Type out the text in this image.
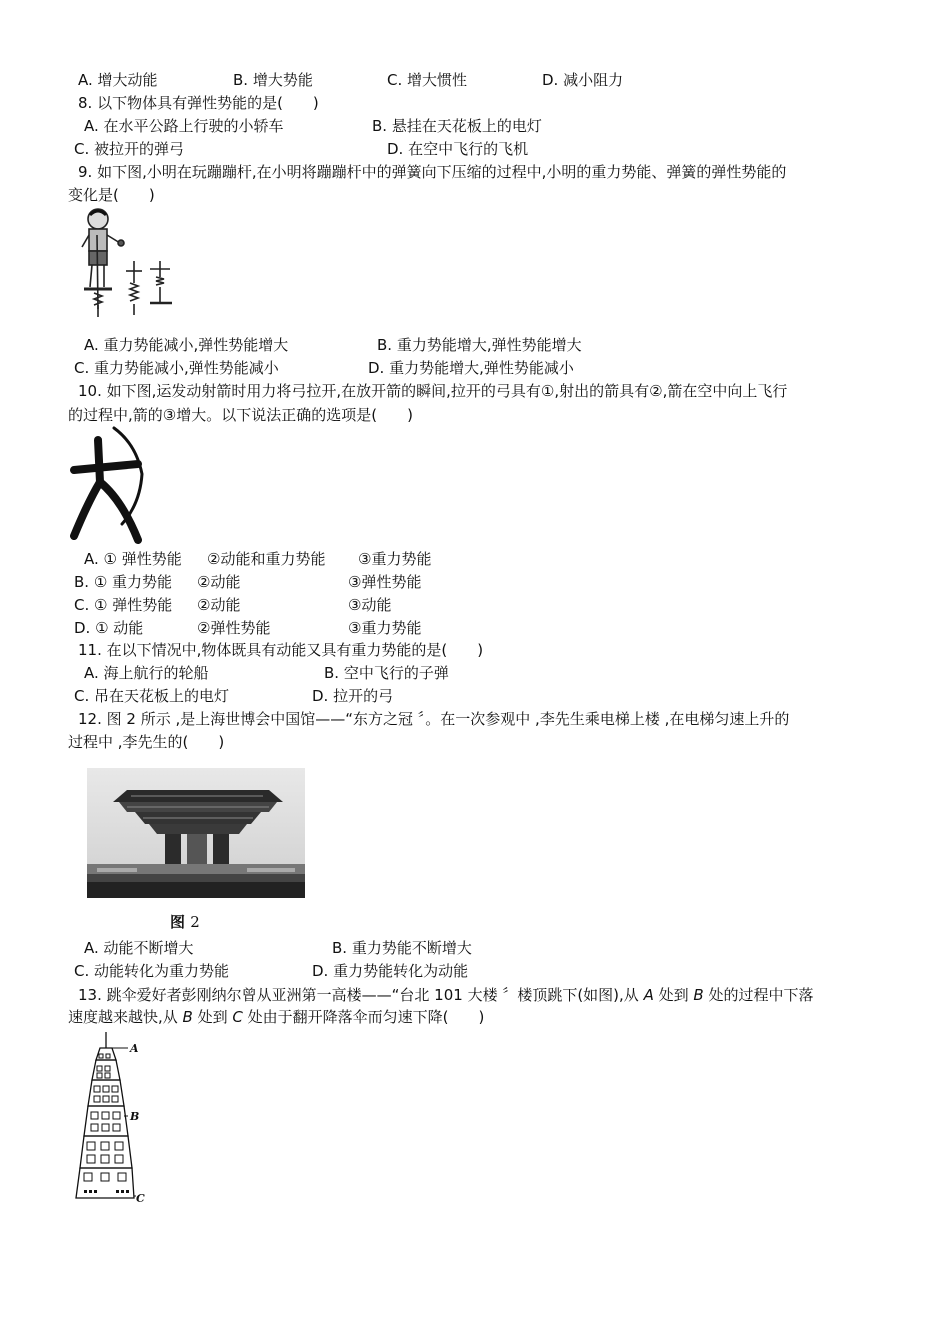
A. 增大动能	B. 增大势能	C. 增大惯性	D. 减小阻力
8. 以下物体具有弹性势能的是(　　)
A. 在水平公路上行驶的小轿车	B. 悬挂在天花板上的电灯
C. 被拉开的弹弓	D. 在空中飞行的飞机
9. 如下图,小明在玩蹦蹦杆,在小明将蹦蹦杆中的弹簧向下压缩的过程中,小明的重力势能、弹簧的弹性势能的
变化是(　　)
A. 重力势能减小,弹性势能增大	B. 重力势能增大,弹性势能增大
C. 重力势能减小,弹性势能减小	D. 重力势能增大,弹性势能减小
10. 如下图,运发动射箭时用力将弓拉开,在放开箭的瞬间,拉开的弓具有①,射出的箭具有②,箭在空中向上飞行
的过程中,箭的③增大。以下说法正确的选项是(　　)
A. ① 弹性势能 ②动能和重力势能 ③重力势能
B. ① 重力势能 ②动能	③弹性势能
C. ① 弹性势能 ②动能	③动能
D. ① 动能	②弹性势能	③重力势能
11. 在以下情况中,物体既具有动能又具有重力势能的是(　　)
A. 海上航行的轮船	B. 空中飞行的子弹
C. 吊在天花板上的电灯	D. 拉开的弓
12. 图 2 所示 ,是上海世博会中国馆——“东方之冠 〞。在一次参观中 ,李先生乘电梯上楼 ,在电梯匀速上升的
过程中 ,李先生的(　　)
图 2
A. 动能不断增大	B. 重力势能不断增大
C. 动能转化为重力势能	D. 重力势能转化为动能
13. 跳伞爱好者彭刚纳尔曾从亚洲第一高楼——“台北 101 大楼 〞楼顶跳下(如图),从 A 处到 B 处的过程中下落
速度越来越快,从 B 处到 C 处由于翻开降落伞而匀速下降(　　)
A
B
C
